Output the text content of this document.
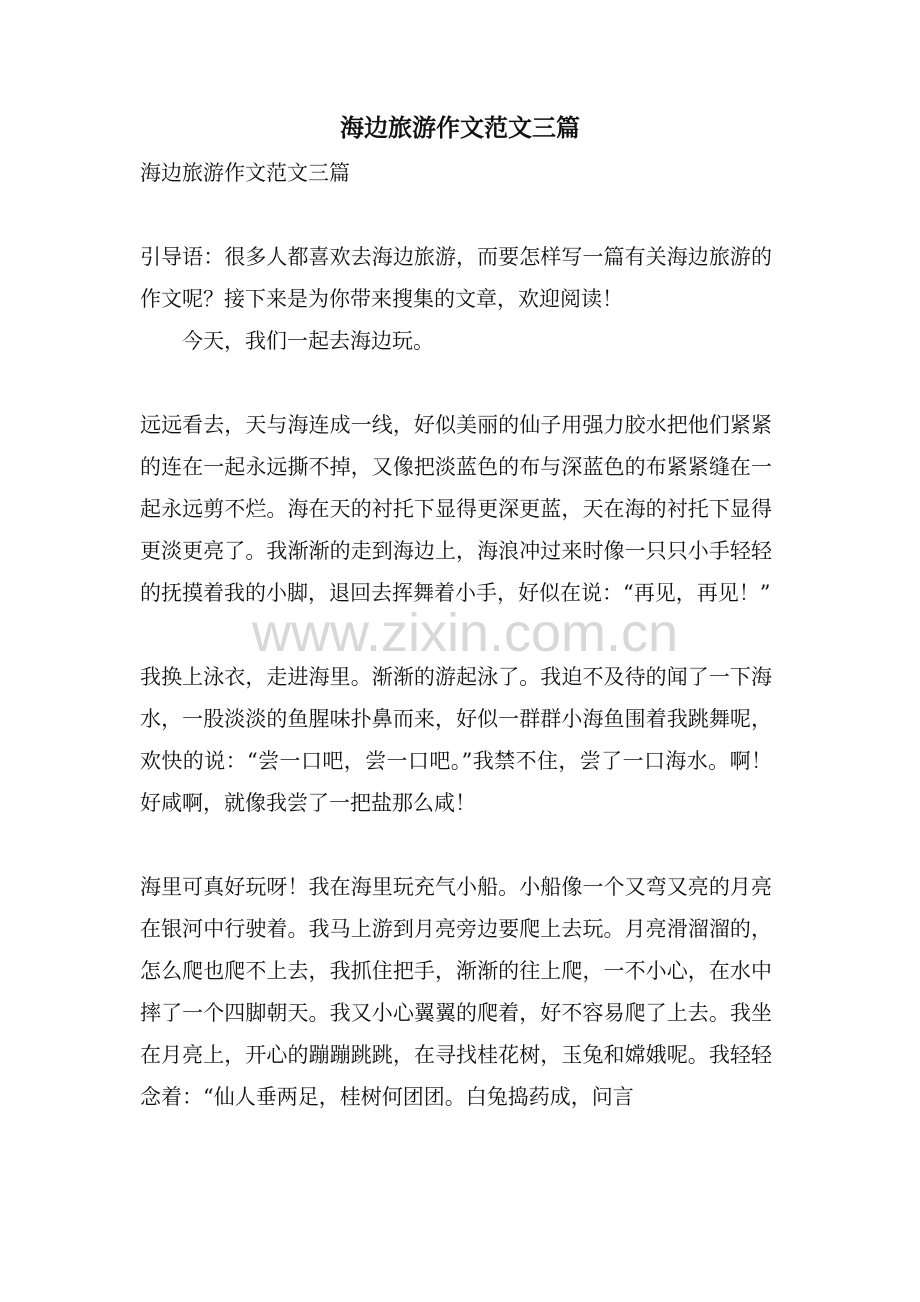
海边旅游作文范文三篇

海边旅游作文范文三篇

引导语：很多人都喜欢去海边旅游，而要怎样写一篇有关海边旅游的作文呢？接下来是为你带来搜集的文章，欢迎阅读！

今天，我们一起去海边玩。

远远看去，天与海连成一线，好似美丽的仙子用强力胶水把他们紧紧的连在一起永远撕不掉，又像把淡蓝色的布与深蓝色的布紧紧缝在一起永远剪不烂。海在天的衬托下显得更深更蓝，天在海的衬托下显得更淡更亮了。我渐渐的走到海边上，海浪冲过来时像一只只小手轻轻的抚摸着我的小脚，退回去挥舞着小手，好似在说：“再见，再见！”

我换上泳衣，走进海里。渐渐的游起泳了。我迫不及待的闻了一下海水，一股淡淡的鱼腥味扑鼻而来，好似一群群小海鱼围着我跳舞呢，欢快的说：“尝一口吧，尝一口吧。”我禁不住，尝了一口海水。啊！好咸啊，就像我尝了一把盐那么咸！

海里可真好玩呀！我在海里玩充气小船。小船像一个又弯又亮的月亮在银河中行驶着。我马上游到月亮旁边要爬上去玩。月亮滑溜溜的，怎么爬也爬不上去，我抓住把手，渐渐的往上爬，一不小心，在水中摔了一个四脚朝天。我又小心翼翼的爬着，好不容易爬了上去。我坐在月亮上，开心的蹦蹦跳跳，在寻找桂花树，玉兔和嫦娥呢。我轻轻念着：“仙人垂两足，桂树何团团。白兔捣药成，问言

www.zixin.com.cn
